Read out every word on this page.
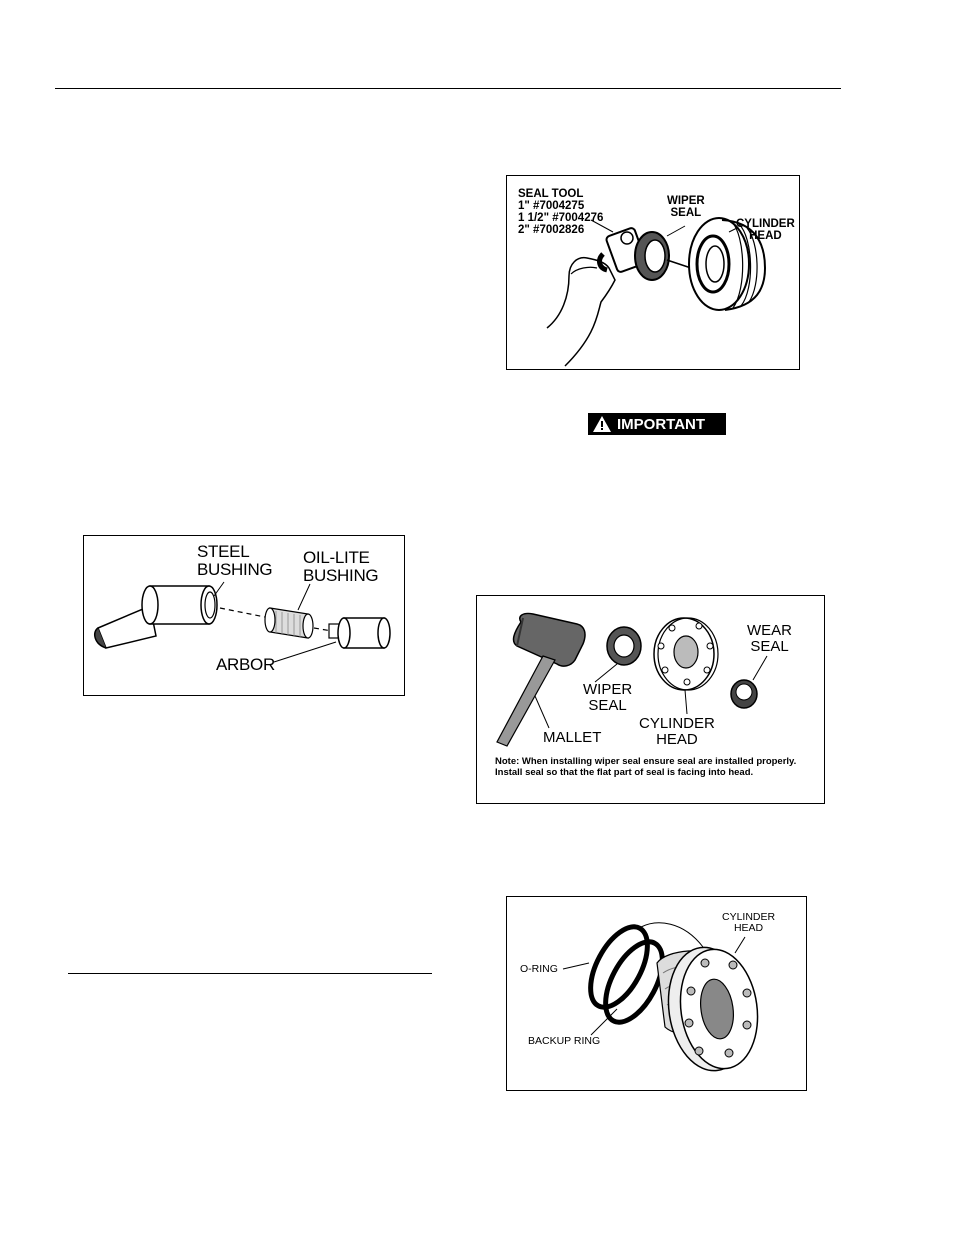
SEAL TOOL
1" #7004275
1 1/2" #7004276
2" #7002826
WIPER
SEAL
CYLINDER
HEAD
IMPORTANT
STEEL
BUSHING
OIL-LITE
BUSHING
ARBOR
WIPER
SEAL
CYLINDER
HEAD
WEAR
SEAL
MALLET
Note: When installing wiper seal ensure seal are installed properly. Install seal so that the flat part of seal is facing into head.
CYLINDER
HEAD
O-RING
BACKUP RING
